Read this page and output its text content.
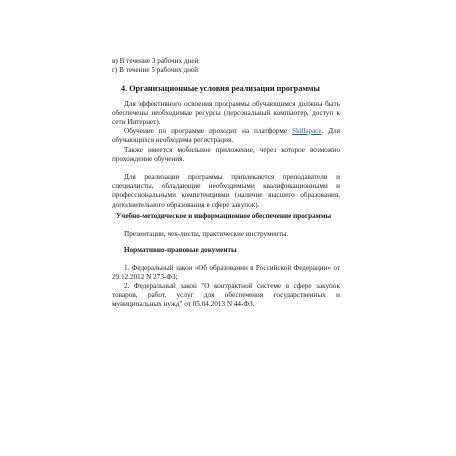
в) В течение 3 рабочих дней
г) В течение 5 рабочих дней
4. Организационные условия реализации программы
Для эффективного освоения программы обучающимся должны быть обеспечены необходимые ресурсы (персональный компьютер, доступ к сети Интернет).
Обучение по программе проходит на платформе Skillspace. Для обучающихся необходима регистрация.
Также имеется мобильное приложение, через которое возможно прохождение обучения.
Для реализации программы привлекаются преподаватели и специалисты, обладающие необходимыми квалификационными и профессиональными компетенциями (наличие высшего образования, дополнительного образования в сфере закупок).
Учебно-методическое и информационное обеспечение программы
Презентации, чек-листы, практические инструменты.
Нормативно-правовые документы
1. Федеральный закон «Об образовании в Российской Федерации» от 29.12.2012 N 273-ФЗ;
2. Федеральный закон "О контрактной системе в сфере закупок товаров, работ, услуг для обеспечения государственных и муниципальных нужд" от 05.04.2013 N 44-ФЗ.
